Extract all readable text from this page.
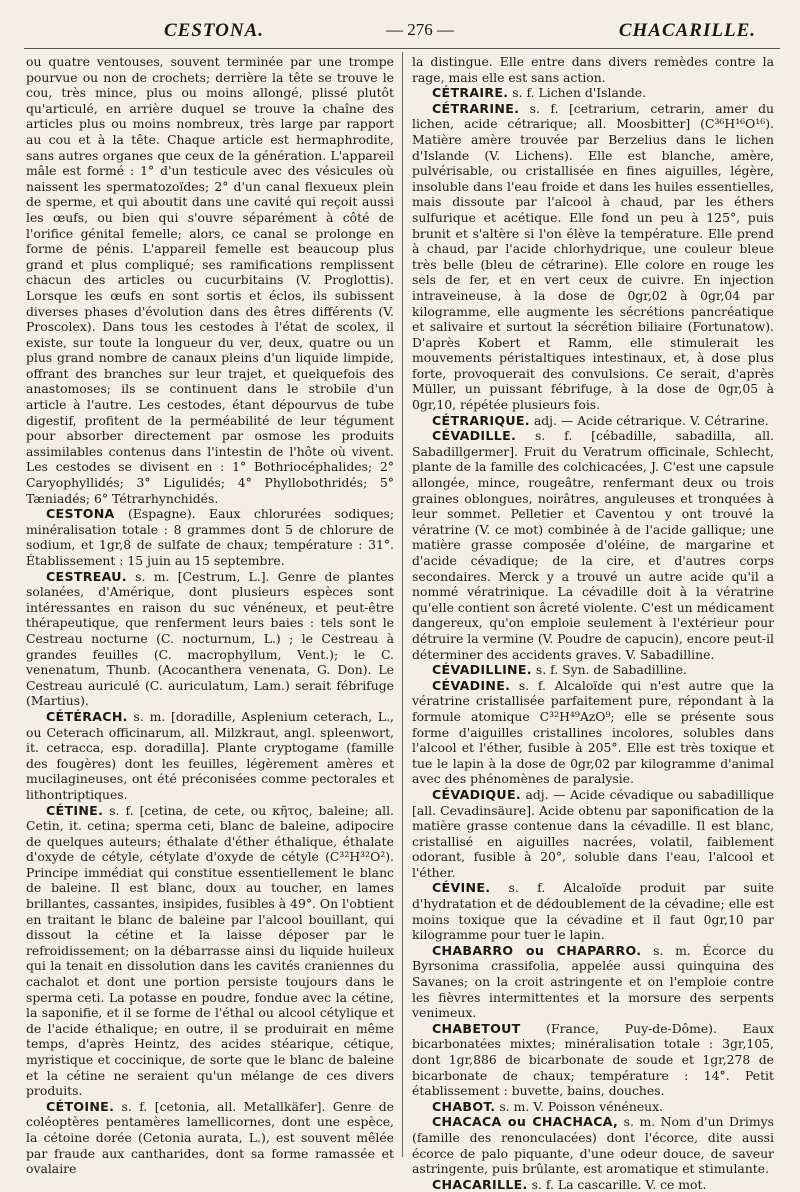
CESTONA.	— 276 —	CHACARILLE.

ou quatre ventouses, souvent terminée par une trompe pourvue ou non de crochets; derrière la tête se trouve le cou, très mince, plus ou moins allongé, plissé plutôt qu'articulé, en arrière duquel se trouve la chaîne des articles plus ou moins nombreux, très large par rapport au cou et à la tête. Chaque article est hermaphrodite, sans autres organes que ceux de la génération. L'appareil mâle est formé : 1° d'un testicule avec des vésicules où naissent les spermatozoïdes; 2° d'un canal flexueux plein de sperme, et qui aboutit dans une cavité qui reçoit aussi les œufs, ou bien qui s'ouvre séparément à côté de l'orifice génital femelle; alors, ce canal se prolonge en forme de pénis. L'appareil femelle est beaucoup plus grand et plus compliqué; ses ramifications remplissent chacun des articles ou cucurbitains (V. Proglottis). Lorsque les œufs en sont sortis et éclos, ils subissent diverses phases d'évolution dans des êtres différents (V. Proscolex). Dans tous les cestodes à l'état de scolex, il existe, sur toute la longueur du ver, deux, quatre ou un plus grand nombre de canaux pleins d'un liquide limpide, offrant des branches sur leur trajet, et quelquefois des anastomoses; ils se continuent dans le strobile d'un article à l'autre. Les cestodes, étant dépourvus de tube digestif, profitent de la perméabilité de leur tégument pour absorber directement par osmose les produits assimilables contenus dans l'intestin de l'hôte où vivent. Les cestodes se divisent en : 1° Bothriocéphalides; 2° Caryophyllidés; 3° Ligulidés; 4° Phyllobothridés; 5° Tæniadés; 6° Tétrarhynchidés.

CESTONA (Espagne). Eaux chlorurées sodiques; minéralisation totale : 8 grammes dont 5 de chlorure de sodium, et 1gr,8 de sulfate de chaux; température : 31°. Établissement : 15 juin au 15 septembre.

CESTREAU. s. m. [Cestrum, L.]. Genre de plantes solanées, d'Amérique, dont plusieurs espèces sont intéressantes en raison du suc vénéneux, et peut-être thérapeutique, que renferment leurs baies : tels sont le Cestreau nocturne (C. nocturnum, L.) ; le Cestreau à grandes feuilles (C. macrophyllum, Vent.); le C. venenatum, Thunb. (Acocanthera venenata, G. Don). Le Cestreau auriculé (C. auriculatum, Lam.) serait fébrifuge (Martius).

CÉTÉRACH. s. m. [doradille, Asplenium ceterach, L., ou Ceterach officinarum, all. Milzkraut, angl. spleenwort, it. cetracca, esp. doradilla]. Plante cryptogame (famille des fougères) dont les feuilles, légèrement amères et mucilagineuses, ont été préconisées comme pectorales et lithontriptiques.

CÉTINE. s. f. [cetina, de cete, ou κῆτος, baleine; all. Cetin, it. cetina; sperma ceti, blanc de baleine, adipocire de quelques auteurs; éthalate d'éther éthalique, éthalate d'oxyde de cétyle, cétylate d'oxyde de cétyle (C³²H³²O²). Principe immédiat qui constitue essentiellement le blanc de baleine. Il est blanc, doux au toucher, en lames brillantes, cassantes, insipides, fusibles à 49°. On l'obtient en traitant le blanc de baleine par l'alcool bouillant, qui dissout la cétine et la laisse déposer par le refroidissement; on la débarrasse ainsi du liquide huileux qui la tenait en dissolution dans les cavités craniennes du cachalot et dont une portion persiste toujours dans le sperma ceti. La potasse en poudre, fondue avec la cétine, la saponifie, et il se forme de l'éthal ou alcool cétylique et de l'acide éthalique; en outre, il se produirait en même temps, d'après Heintz, des acides stéarique, cétique, myristique et coccinique, de sorte que le blanc de baleine et la cétine ne seraient qu'un mélange de ces divers produits.

CÉTOINE. s. f. [cetonia, all. Metallkäfer]. Genre de coléoptères pentamères lamellicornes, dont une espèce, la cétoine dorée (Cetonia aurata, L.), est souvent mêlée par fraude aux cantharides, dont sa forme ramassée et ovalaire

la distingue. Elle entre dans divers remèdes contre la rage, mais elle est sans action.

CÉTRAIRE. s. f. Lichen d'Islande.

CÉTRARINE. s. f. [cetrarium, cetrarin, amer du lichen, acide cétrarique; all. Moosbitter] (C³⁶H¹⁶O¹⁶). Matière amère trouvée par Berzelius dans le lichen d'Islande (V. Lichens). Elle est blanche, amère, pulvérisable, ou cristallisée en fines aiguilles, légère, insoluble dans l'eau froide et dans les huiles essentielles, mais dissoute par l'alcool à chaud, par les éthers sulfurique et acétique. Elle fond un peu à 125°, puis brunit et s'altère si l'on élève la température. Elle prend à chaud, par l'acide chlorhydrique, une couleur bleue très belle (bleu de cétrarine). Elle colore en rouge les sels de fer, et en vert ceux de cuivre. En injection intraveineuse, à la dose de 0gr,02 à 0gr,04 par kilogramme, elle augmente les sécrétions pancréatique et salivaire et surtout la sécrétion biliaire (Fortunatow). D'après Kobert et Ramm, elle stimulerait les mouvements péristaltiques intestinaux, et, à dose plus forte, provoquerait des convulsions. Ce serait, d'après Müller, un puissant fébrifuge, à la dose de 0gr,05 à 0gr,10, répétée plusieurs fois.

CÉTRARIQUE. adj. — Acide cétrarique. V. Cétrarine.

CÉVADILLE. s. f. [cébadille, sabadilla, all. Sabadillgermer]. Fruit du Veratrum officinale, Schlecht, plante de la famille des colchicacées, J. C'est une capsule allongée, mince, rougeâtre, renfermant deux ou trois graines oblongues, noirâtres, anguleuses et tronquées à leur sommet. Pelletier et Caventou y ont trouvé la vératrine (V. ce mot) combinée à de l'acide gallique; une matière grasse composée d'oléine, de margarine et d'acide cévadique; de la cire, et d'autres corps secondaires. Merck y a trouvé un autre acide qu'il a nommé vératrinique. La cévadille doit à la vératrine qu'elle contient son âcreté violente. C'est un médicament dangereux, qu'on emploie seulement à l'extérieur pour détruire la vermine (V. Poudre de capucin), encore peut-il déterminer des accidents graves. V. Sabadilline.

CÉVADILLINE. s. f. Syn. de Sabadilline.

CÉVADINE. s. f. Alcaloïde qui n'est autre que la vératrine cristallisée parfaitement pure, répondant à la formule atomique C³²H⁴⁹AzO⁹; elle se présente sous forme d'aiguilles cristallines incolores, solubles dans l'alcool et l'éther, fusible à 205°. Elle est très toxique et tue le lapin à la dose de 0gr,02 par kilogramme d'animal avec des phénomènes de paralysie.

CÉVADIQUE. adj. — Acide cévadique ou sabadillique [all. Cevadinsäure]. Acide obtenu par saponification de la matière grasse contenue dans la cévadille. Il est blanc, cristallisé en aiguilles nacrées, volatil, faiblement odorant, fusible à 20°, soluble dans l'eau, l'alcool et l'éther.

CÉVINE. s. f. Alcaloïde produit par suite d'hydratation et de dédoublement de la cévadine; elle est moins toxique que la cévadine et il faut 0gr,10 par kilogramme pour tuer le lapin.

CHABARRO ou CHAPARRO. s. m. Écorce du Byrsonima crassifolia, appelée aussi quinquina des Savanes; on la croit astringente et on l'emploie contre les fièvres intermittentes et la morsure des serpents venimeux.

CHABETOUT (France, Puy-de-Dôme). Eaux bicarbonatées mixtes; minéralisation totale : 3gr,105, dont 1gr,886 de bicarbonate de soude et 1gr,278 de bicarbonate de chaux; température : 14°. Petit établissement : buvette, bains, douches.

CHABOT. s. m. V. Poisson vénéneux.

CHACACA ou CHACHACA, s. m. Nom d'un Drimys (famille des renonculacées) dont l'écorce, dite aussi écorce de palo piquante, d'une odeur douce, de saveur astringente, puis brûlante, est aromatique et stimulante.

CHACARILLE. s. f. La cascarille. V. ce mot.
